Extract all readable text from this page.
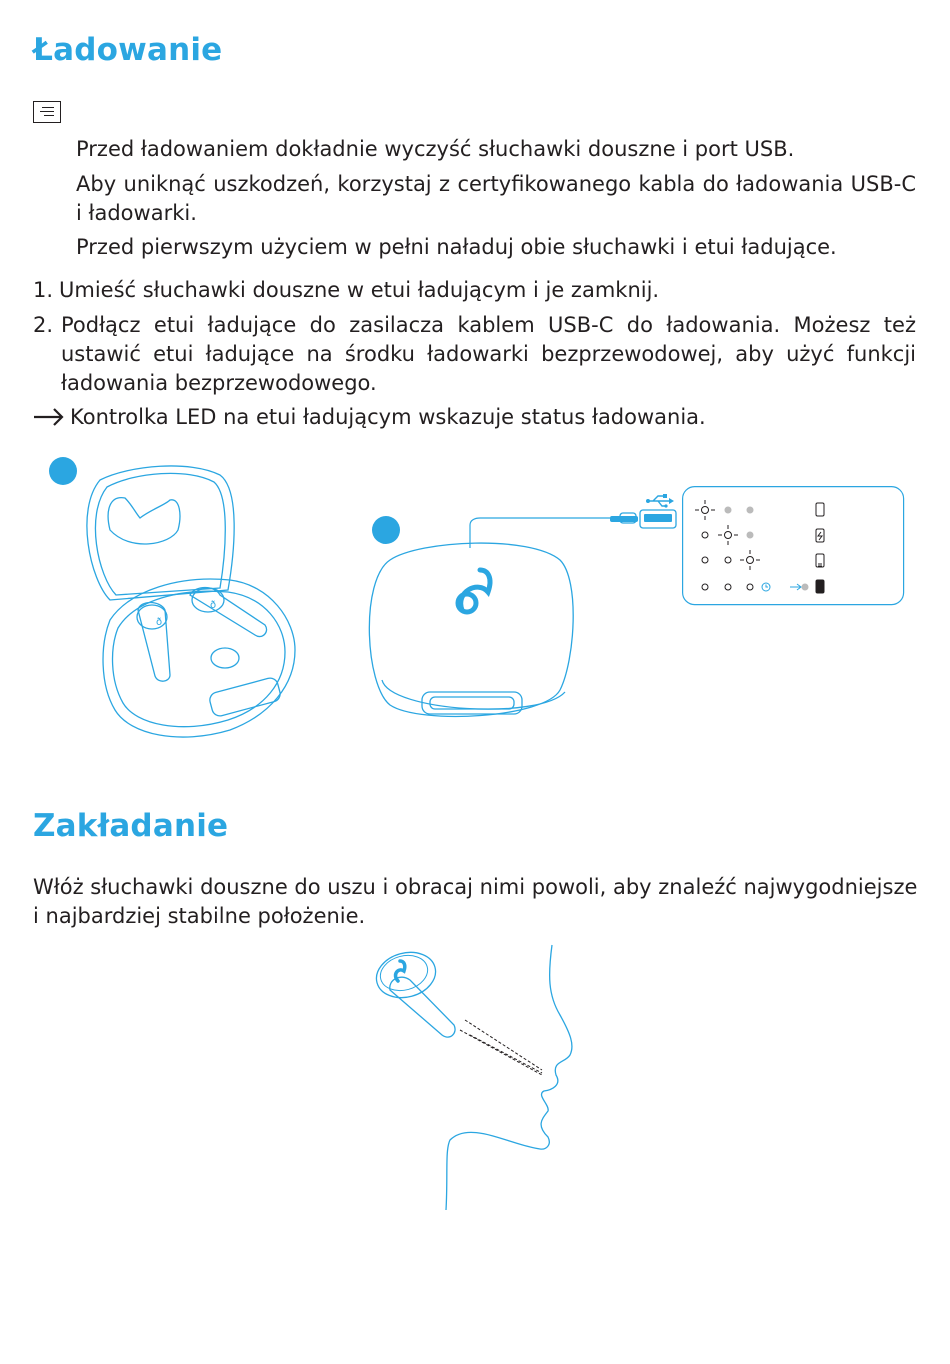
Ładowanie

Przed ładowaniem dokładnie wyczyść słuchawki douszne i port USB.

Aby uniknąć uszkodzeń, korzystaj z certyfikowanego kabla do ładowania USB-C i ładowarki.

Przed pierwszym użyciem w pełni naładuj obie słuchawki i etui ładujące.

1. Umieść słuchawki douszne w etui ładującym i je zamknij.

2. Podłącz etui ładujące do zasilacza kablem USB-C do ładowania. Możesz też ustawić etui ładujące na środku ładowarki bezprzewodowej, aby użyć funkcji ładowania bezprzewodowego.

Kontrolka LED na etui ładującym wskazuje status ładowania.

ð
ð
Zakładanie

Włóż słuchawki douszne do uszu i obracaj nimi powoli, aby znaleźć najwygodniejsze i najbardziej stabilne położenie.
